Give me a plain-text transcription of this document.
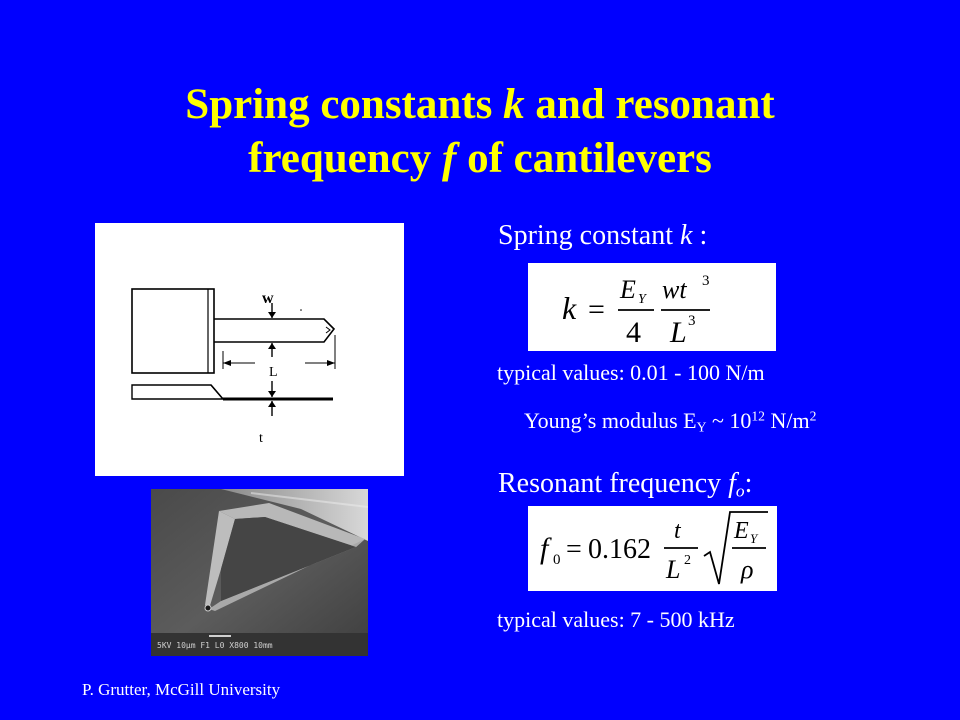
Spring constants k and resonant
frequency f of cantilevers
w
L
t
5KV 10µm F1 L0 X800 10mm
Spring constant k :
k =
E Y
4
wt 3
L 3
typical values: 0.01 - 100 N/m
Young’s modulus $E_Y$ ~ $10^{12}$ $N/m^2$
Resonant frequency $f_o$:
f 0 = 0.162
t
L 2
E Y
ρ
typical values: 7 - 500 kHz
P. Grutter, McGill University
